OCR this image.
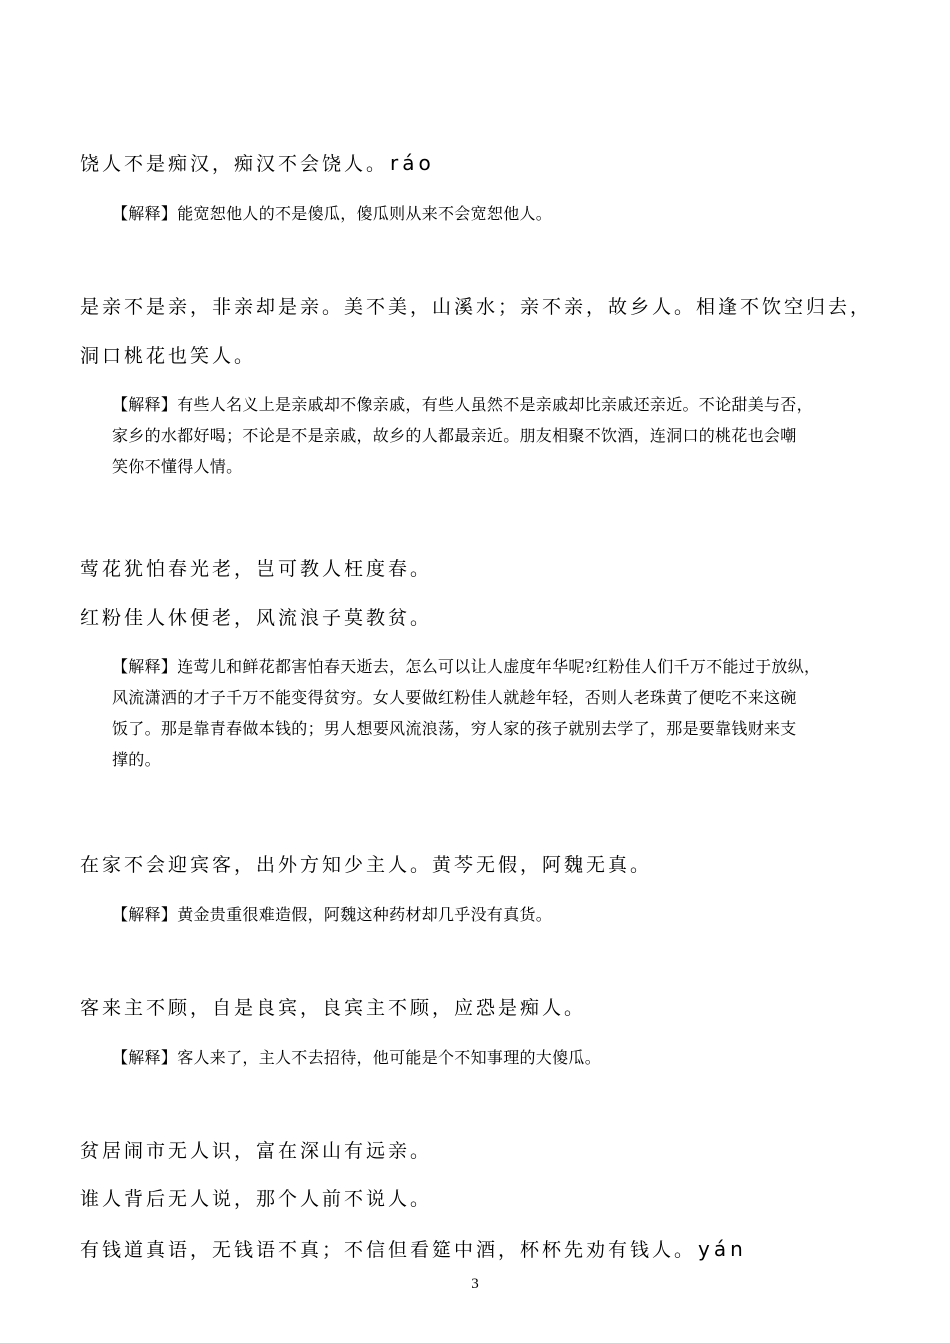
饶人不是痴汉，痴汉不会饶人。 ráo
【解释】能宽恕他人的不是傻瓜，傻瓜则从来不会宽恕他人。
是亲不是亲，非亲却是亲。美不美，山溪水；亲不亲，故乡人。相逢不饮空归去，
洞口桃花也笑人。
【解释】有些人名义上是亲戚却不像亲戚，有些人虽然不是亲戚却比亲戚还亲近。不论甜美与否，
家乡的水都好喝；不论是不是亲戚，故乡的人都最亲近。朋友相聚不饮酒，连洞口的桃花也会嘲
笑你不懂得人情。
莺花犹怕春光老，岂可教人枉度春。
红粉佳人休便老，风流浪子莫教贫。
【解释】连莺儿和鲜花都害怕春天逝去，怎么可以让人虚度年华呢?红粉佳人们千万不能过于放纵，
风流潇洒的才子千万不能变得贫穷。女人要做红粉佳人就趁年轻，否则人老珠黄了便吃不来这碗
饭了。那是靠青春做本钱的；男人想要风流浪荡，穷人家的孩子就别去学了，那是要靠钱财来支
撑的。
在家不会迎宾客，出外方知少主人。黄芩无假，阿魏无真。
【解释】黄金贵重很难造假，阿魏这种药材却几乎没有真货。
客来主不顾，自是良宾，良宾主不顾，应恐是痴人。
【解释】客人来了，主人不去招待，他可能是个不知事理的大傻瓜。
贫居闹市无人识，富在深山有远亲。
谁人背后无人说，那个人前不说人。
有钱道真语，无钱语不真；不信但看筵中酒，杯杯先劝有钱人。 yán
3
